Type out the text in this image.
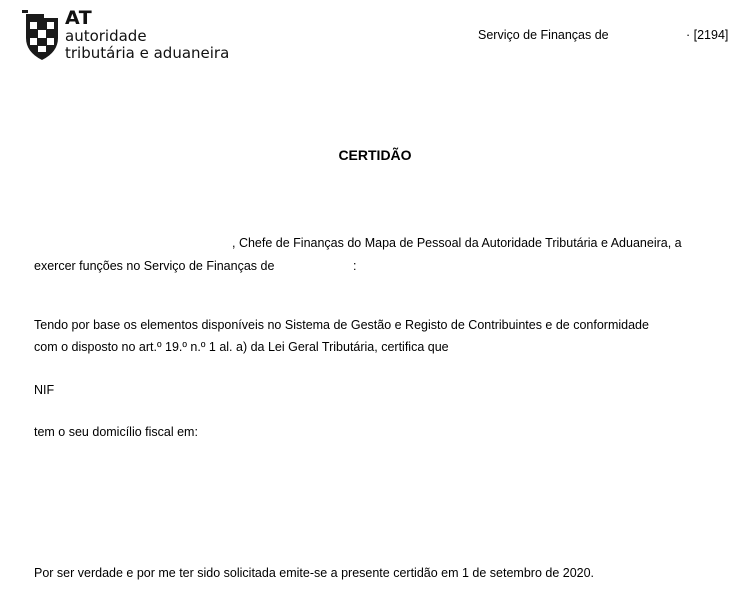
AT
autoridade
tributária e aduaneira
Serviço de Finanças de	· [2194]
CERTIDÃO
, Chefe de Finanças do Mapa de Pessoal da Autoridade Tributária e Aduaneira, a
exercer funções no Serviço de Finanças de	:
Tendo por base os elementos disponíveis no Sistema de Gestão e Registo de Contribuintes e de conformidade
com o disposto no art.º 19.º n.º 1 al. a) da Lei Geral Tributária, certifica que
NIF
tem o seu domicílio fiscal em:
Por ser verdade e por me ter sido solicitada emite-se a presente certidão em 1 de setembro de 2020.
